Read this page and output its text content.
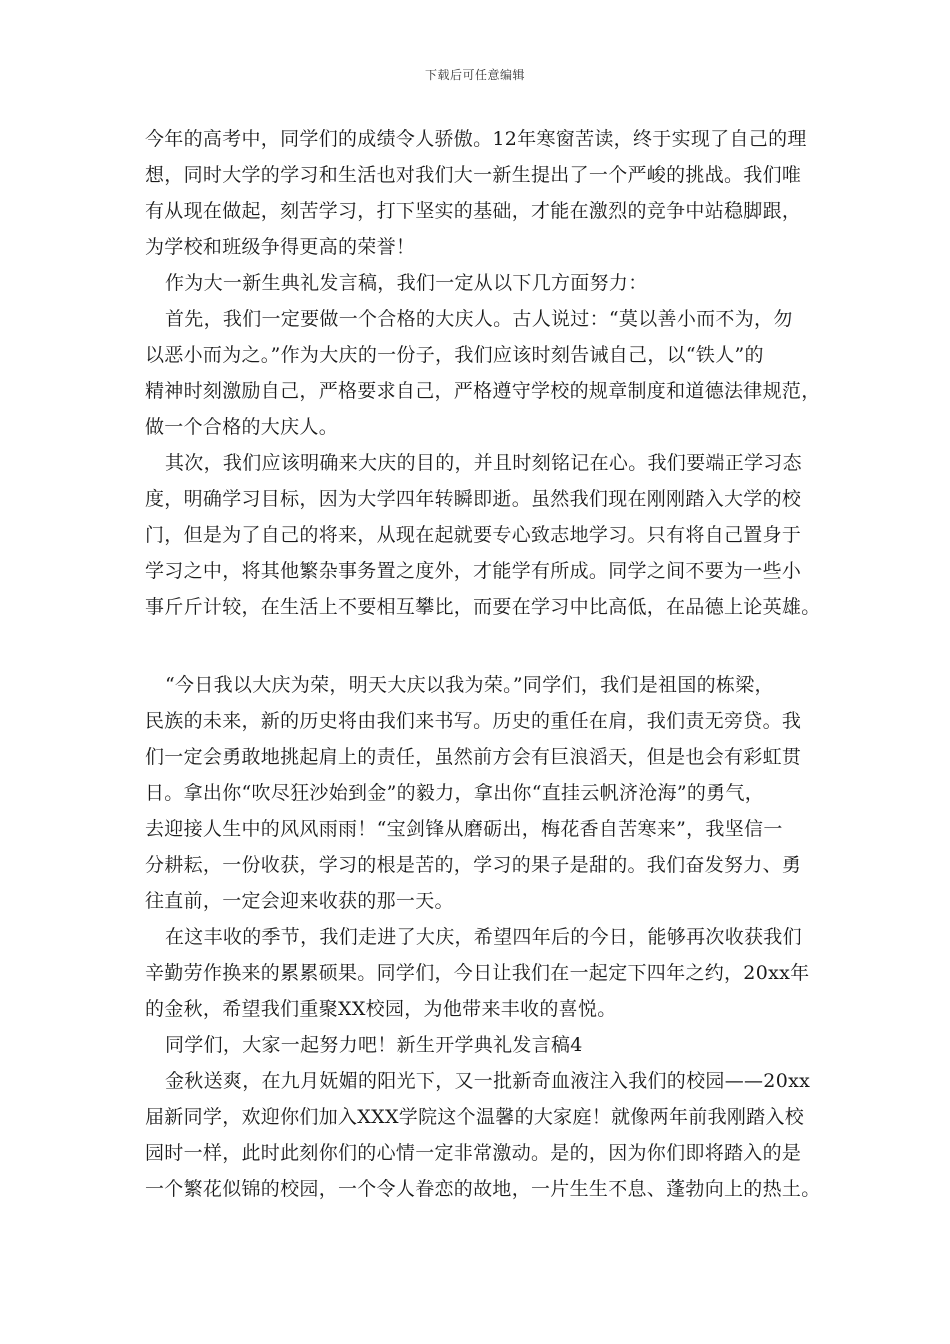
下载后可任意编辑
今年的高考中，同学们的成绩令人骄傲。12年寒窗苦读，终于实现了自己的理
想，同时大学的学习和生活也对我们大一新生提出了一个严峻的挑战。我们唯
有从现在做起，刻苦学习，打下坚实的基础，才能在激烈的竞争中站稳脚跟，
为学校和班级争得更高的荣誉！
作为大一新生典礼发言稿，我们一定从以下几方面努力：
首先，我们一定要做一个合格的大庆人。古人说过：“莫以善小而不为，勿
以恶小而为之。”作为大庆的一份子，我们应该时刻告诫自己，以“铁人”的
精神时刻激励自己，严格要求自己，严格遵守学校的规章制度和道德法律规范，
做一个合格的大庆人。
其次，我们应该明确来大庆的目的，并且时刻铭记在心。我们要端正学习态
度，明确学习目标，因为大学四年转瞬即逝。虽然我们现在刚刚踏入大学的校
门，但是为了自己的将来，从现在起就要专心致志地学习。只有将自己置身于
学习之中，将其他繁杂事务置之度外，才能学有所成。同学之间不要为一些小
事斤斤计较，在生活上不要相互攀比，而要在学习中比高低，在品德上论英雄。
“今日我以大庆为荣，明天大庆以我为荣。”同学们，我们是祖国的栋梁，
民族的未来，新的历史将由我们来书写。历史的重任在肩，我们责无旁贷。我
们一定会勇敢地挑起肩上的责任，虽然前方会有巨浪滔天，但是也会有彩虹贯
日。拿出你“吹尽狂沙始到金”的毅力，拿出你“直挂云帆济沧海”的勇气，
去迎接人生中的风风雨雨！“宝剑锋从磨砺出，梅花香自苦寒来”，我坚信一
分耕耘，一份收获，学习的根是苦的，学习的果子是甜的。我们奋发努力、勇
往直前，一定会迎来收获的那一天。
在这丰收的季节，我们走进了大庆，希望四年后的今日，能够再次收获我们
辛勤劳作换来的累累硕果。同学们，今日让我们在一起定下四年之约，20xx年
的金秋，希望我们重聚XX校园，为他带来丰收的喜悦。
同学们，大家一起努力吧！新生开学典礼发言稿4
金秋送爽，在九月妩媚的阳光下，又一批新奇血液注入我们的校园——20xx
届新同学，欢迎你们加入XXX学院这个温馨的大家庭！就像两年前我刚踏入校
园时一样，此时此刻你们的心情一定非常激动。是的，因为你们即将踏入的是
一个繁花似锦的校园，一个令人眷恋的故地，一片生生不息、蓬勃向上的热土。
